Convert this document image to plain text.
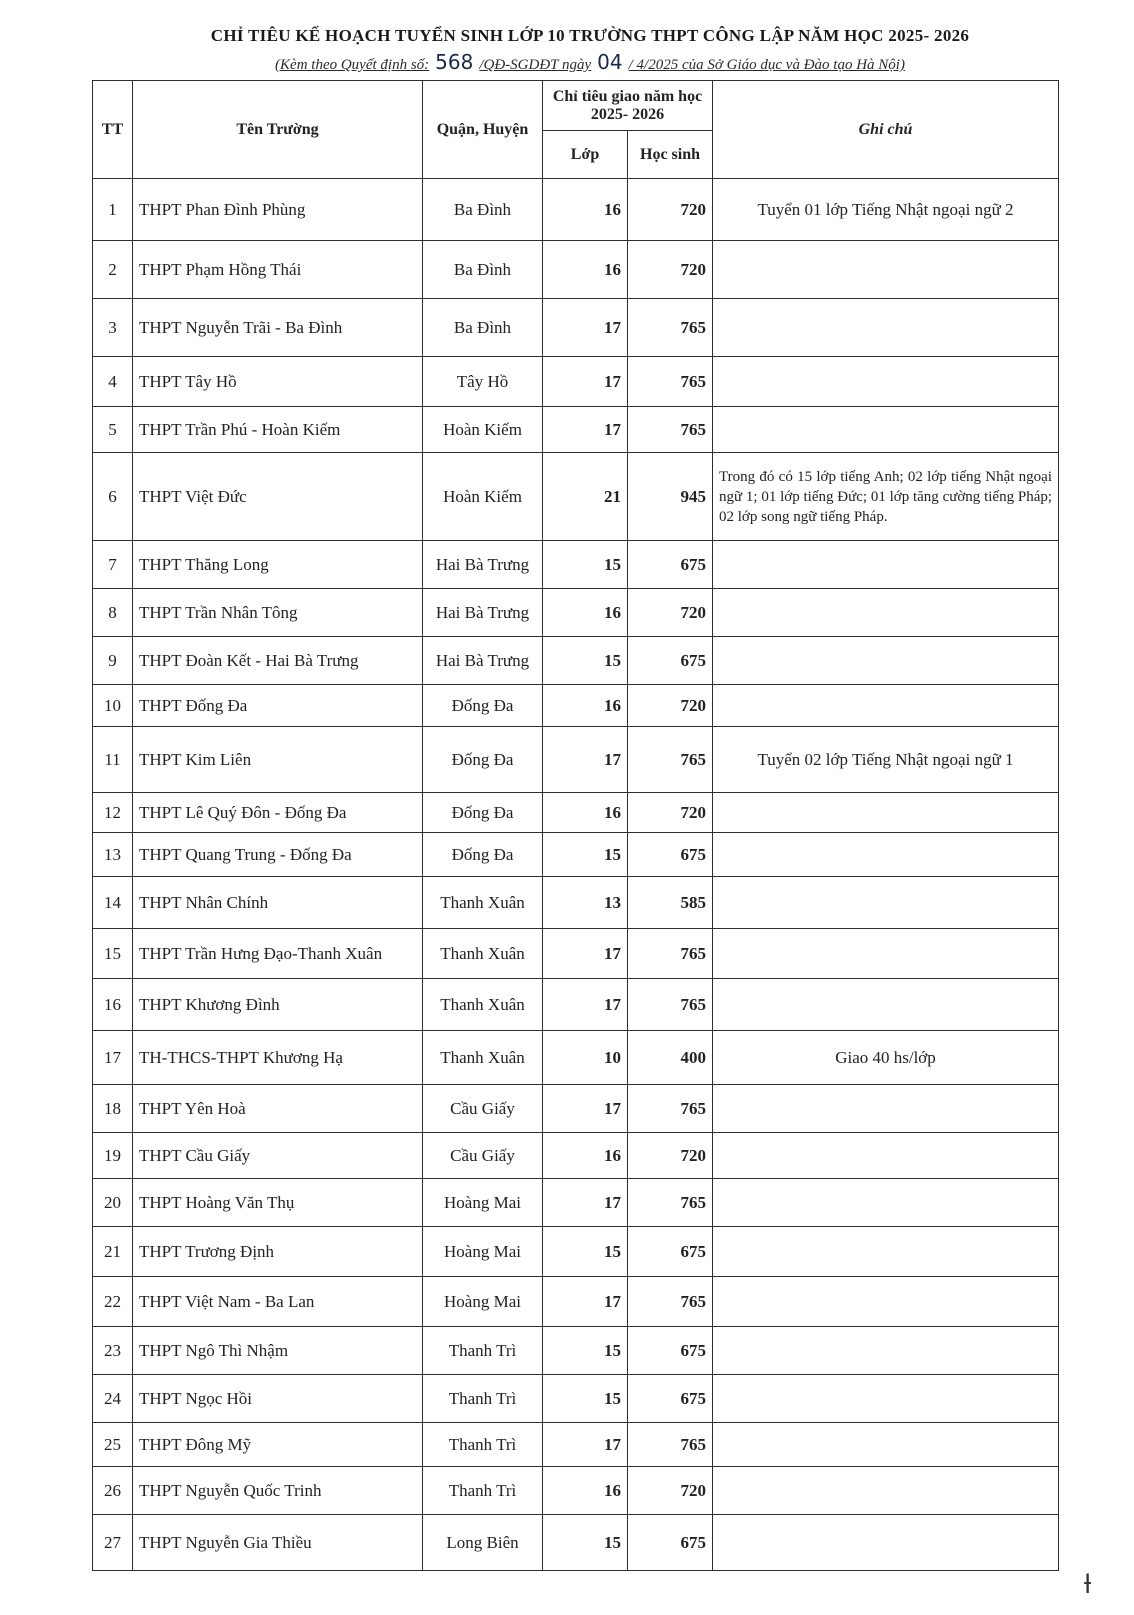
CHỈ TIÊU KẾ HOẠCH TUYỂN SINH LỚP 10 TRƯỜNG THPT CÔNG LẬP NĂM HỌC 2025- 2026
(Kèm theo Quyết định số: 568 /QĐ-SGDĐT ngày 04 / 4/2025 của Sở Giáo dục và Đào tạo Hà Nội)
TT	Tên Trường	Quận, Huyện	Chỉ tiêu giao năm học 2025- 2026		Ghi chú
			Lớp	Học sinh	
1	THPT Phan Đình Phùng	Ba Đình	16	720	Tuyển 01 lớp Tiếng Nhật ngoại ngữ 2
2	THPT Phạm Hồng Thái	Ba Đình	16	720	
3	THPT Nguyễn Trãi - Ba Đình	Ba Đình	17	765	
4	THPT Tây Hồ	Tây Hồ	17	765	
5	THPT Trần Phú - Hoàn Kiếm	Hoàn Kiếm	17	765	
6	THPT Việt Đức	Hoàn Kiếm	21	945	Trong đó có 15 lớp tiếng Anh; 02 lớp tiếng Nhật ngoại ngữ 1; 01 lớp tiếng Đức; 01 lớp tăng cường tiếng Pháp; 02 lớp song ngữ tiếng Pháp.
7	THPT Thăng Long	Hai Bà Trưng	15	675	
8	THPT Trần Nhân Tông	Hai Bà Trưng	16	720	
9	THPT Đoàn Kết - Hai Bà Trưng	Hai Bà Trưng	15	675	
10	THPT Đống Đa	Đống Đa	16	720	
11	THPT Kim Liên	Đống Đa	17	765	Tuyển 02 lớp Tiếng Nhật ngoại ngữ 1
12	THPT Lê Quý Đôn - Đống Đa	Đống Đa	16	720	
13	THPT Quang Trung - Đống Đa	Đống Đa	15	675	
14	THPT Nhân Chính	Thanh Xuân	13	585	
15	THPT Trần Hưng Đạo-Thanh Xuân	Thanh Xuân	17	765	
16	THPT Khương Đình	Thanh Xuân	17	765	
17	TH-THCS-THPT Khương Hạ	Thanh Xuân	10	400	Giao 40 hs/lớp
18	THPT Yên Hoà	Cầu Giấy	17	765	
19	THPT Cầu Giấy	Cầu Giấy	16	720	
20	THPT Hoàng Văn Thụ	Hoàng Mai	17	765	
21	THPT Trương Định	Hoàng Mai	15	675	
22	THPT Việt Nam - Ba Lan	Hoàng Mai	17	765	
23	THPT Ngô Thì Nhậm	Thanh Trì	15	675	
24	THPT Ngọc Hồi	Thanh Trì	15	675	
25	THPT Đông Mỹ	Thanh Trì	17	765	
26	THPT Nguyễn Quốc Trinh	Thanh Trì	16	720	
27	THPT Nguyễn Gia Thiều	Long Biên	15	675	
ƚ
